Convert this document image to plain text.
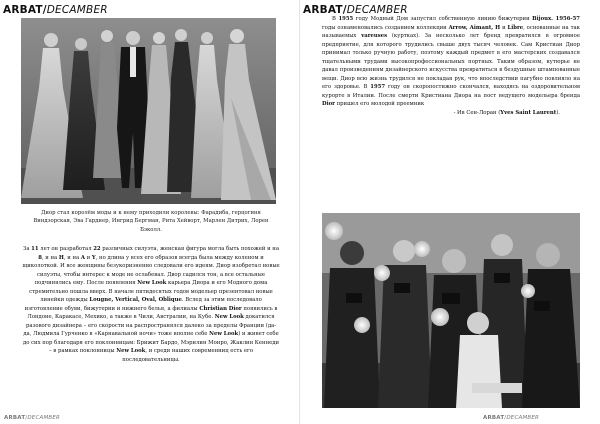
ARBAT/DECAMBER
Диор стал королём моды и к нему приходили королевы: Фарадиба, герцогиня Виндзорская, Эва Гарднер, Ингрид Бергман, Рита Хейворт, Марлен Дитрих, Лорен Бэколл.

За 11 лет он разработал 22 различных силуэта, женская фигура могла быть похожей и на 8, и на H, и на A и Y, но длина у всех его образов всегда была между коленом и щиколоткой. И все женщины безукоризненно следовали его идеям. Диор изобретал новые силуэты, чтобы интерес к моде не ослабевал. Двор садился тон, а все остальные подчинялись ему. После появления New Look карьера Диора и его Модного дома стремительно пошла вверх. В начале пятидесятых годов модельер презентовал новые линейки одежды Lougne, Vertical, Oval, Oblique. Вслед за этим последовало изготовление обуви, бижутерии и нижнего белья, а филиалы Christian Dior появились в Лондоне, Каракасе, Мехико, а также в Чили, Австралии, на Кубе. New Look докатился разового дизайнера – его скорости на распространялся далеко за пределы Франции (да-да, Людмила Гурченко в «Карнавальной ночи» тоже вполне себе New Look) и живет себе до сих пор благодаря его поклонницам: Брижит Бардо, Мэрилин Монро, Жаклин Кеннеди – в рамках поклонницы New Look, и среди наших современниц есть его последовательницы.

ARBAT/DECAMBER
ARBAT/DECAMBER

В 1955 году Модный Дом запустил собственную линию бижутерии Bijoux. 1956-57 годы ознаменовались созданием коллекции Arrow, Aimant, H и Libre, основанные на так называемых vareuses (куртках). За несколько лет бренд превратился в огромное предприятие, для которого трудились свыше двух тысяч человек. Сам Кристиан Диор принимал только ручную работу, поэтому каждый предмет в его мастерских создавался тщательными трудами высокопрофессиональных портных. Таким образом, кутюрье не давал произведениям дизайнерского искусства превратиться в бездушные штампованные вещи. Диор всю жизнь трудился не покладая рук, что впоследствии пагубно повлияло на его здоровье. В 1957 году он скоропостижно скончался, находясь на оздоровительном курорте в Италии. После смерти Кристиана Диора на пост ведущего модельера бренда Dior пришел его молодой преемник

- Ив Сен-Лоран (Yves Saint Laurent).

ARBAT/DECAMBER
